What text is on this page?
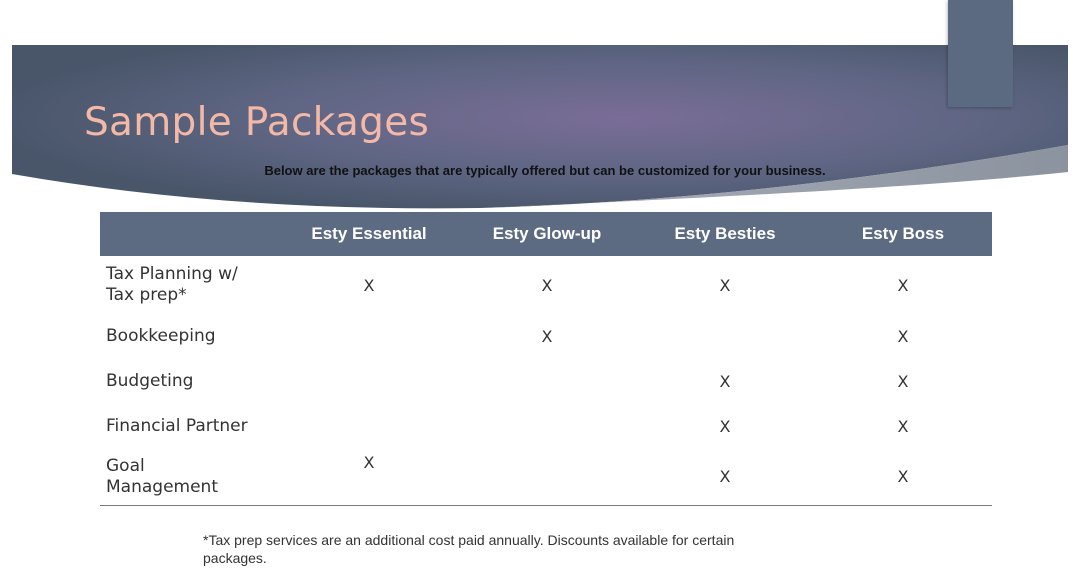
Sample Packages
Below are the packages that are typically offered but can be customized for your business.
	Esty Essential	Esty Glow-up	Esty Besties	Esty Boss
Tax Planning w/
Tax prep*	X	X	X	X
Bookkeeping		X		X
Budgeting			X	X
Financial Partner			X	X
Goal
Management	X		X	X
*Tax prep services are an additional cost paid annually. Discounts available for certain packages.
